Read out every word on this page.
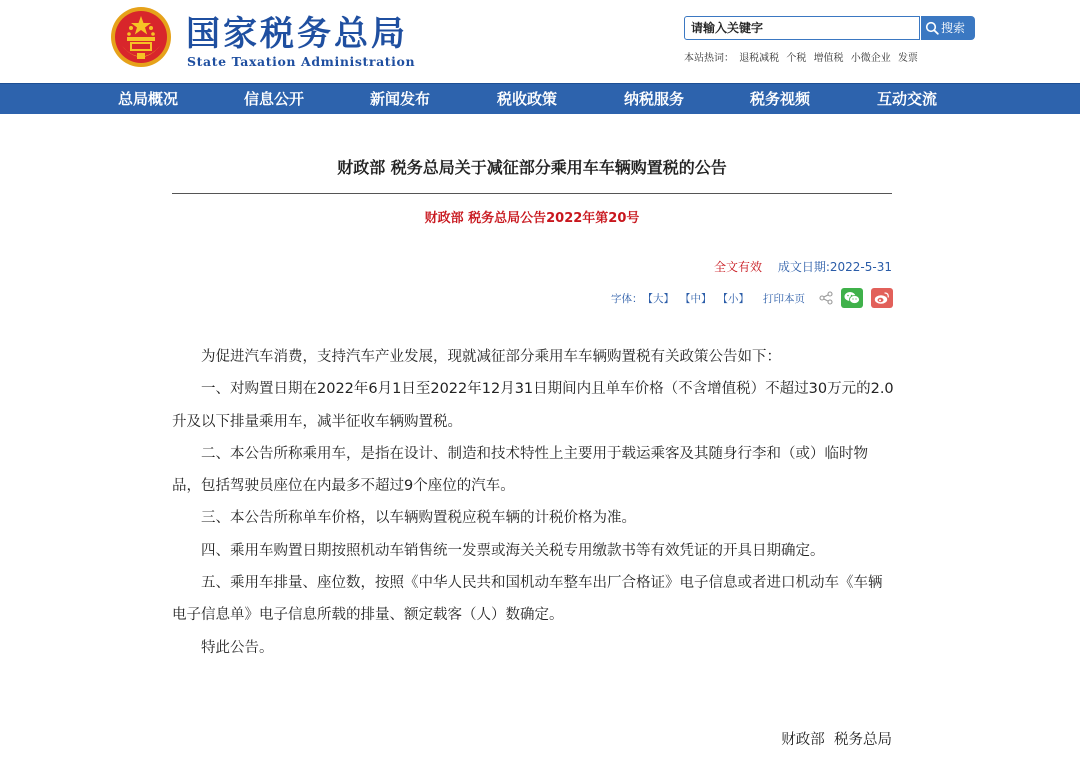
国家税务总局
State Taxation Administration
请输入关键字
搜索
本站热词： 退税减税 个税 增值税 小微企业 发票
总局概况	信息公开	新闻发布	税收政策	纳税服务	税务视频	互动交流
财政部 税务总局关于减征部分乘用车车辆购置税的公告
财政部 税务总局公告2022年第20号
全文有效 成文日期:2022-5-31
字体： 【大】 【中】 【小】 打印本页

为促进汽车消费，支持汽车产业发展，现就减征部分乘用车车辆购置税有关政策公告如下：

一、对购置日期在2022年6月1日至2022年12月31日期间内且单车价格（不含增值税）不超过30万元的2.0升及以下排量乘用车，减半征收车辆购置税。

二、本公告所称乘用车，是指在设计、制造和技术特性上主要用于载运乘客及其随身行李和（或）临时物品，包括驾驶员座位在内最多不超过9个座位的汽车。

三、本公告所称单车价格，以车辆购置税应税车辆的计税价格为准。

四、乘用车购置日期按照机动车销售统一发票或海关关税专用缴款书等有效凭证的开具日期确定。

五、乘用车排量、座位数，按照《中华人民共和国机动车整车出厂合格证》电子信息或者进口机动车《车辆电子信息单》电子信息所载的排量、额定载客（人）数确定。

特此公告。

财政部  税务总局
